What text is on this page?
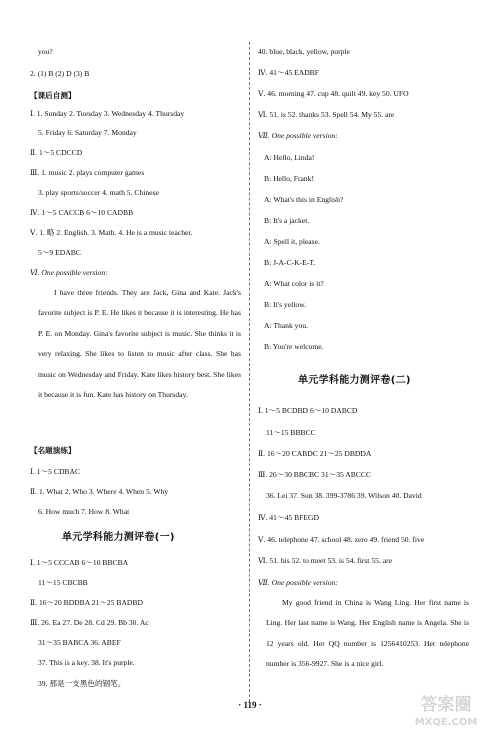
you?
2. (1) B (2) D (3) B
【课后自测】
Ⅰ. 1. Sunday 2. Tuesday 3. Wednesday 4. Thursday
5. Friday 6. Saturday 7. Monday
Ⅱ. 1～5 CDCCD
Ⅲ. 1. music 2. plays computer games
3. play sports/soccer 4. math 5. Chinese
Ⅳ. 1～5 CACCB 6～10 CADBB
Ⅴ. 1. 略 2. English. 3. Math. 4. He is a music teacher.
5～9 EDABC
Ⅵ. One possible version:
I have three friends. They are Jack, Gina and Kate. Jack's favorite subject is P. E. He likes it because it is interesting. He has P. E. on Monday. Gina's favorite subject is music. She thinks it is very relaxing. She likes to listen to music after class. She has music on Wednesday and Friday. Kate likes history best. She likes it because it is fun. Kate has history on Thursday.
【名题演练】
Ⅰ. 1～5 CDBAC
Ⅱ. 1. What 2. Who 3. Where 4. When 5. Why
6. How much 7. How 8. What
单元学科能力测评卷(一)
Ⅰ. 1～5 CCCAB 6～10 BBCBA
11～15 CBCBB
Ⅱ. 16～20 BDDBA 21～25 BADBD
Ⅲ. 26. Ea 27. De 28. Cd 29. Bb 30. Ac
31～35 BABCA 36. ABEF
37. This is a key. 38. It's purple.
39. 那是一支黑色的钢笔。
40. blue, black, yellow, purple
Ⅳ. 41～45 EADBF
Ⅴ. 46. morning 47. cup 48. quilt 49. key 50. UFO
Ⅵ. 51. is 52. thanks 53. Spell 54. My 55. are
Ⅶ. One possible version:
A: Hello, Linda!
B: Hello, Frank!
A: What's this in English?
B: It's a jacket.
A: Spell it, please.
B: J-A-C-K-E-T.
A: What color is it?
B: It's yellow.
A: Thank you.
B: You're welcome.
单元学科能力测评卷(二)
Ⅰ. 1～5 BCDBD 6～10 DABCD
11～15 BBBCC
Ⅱ. 16～20 CABDC 21～25 DBDDA
Ⅲ. 26～30 BBCBC 31～35 ABCCC
36. Lei 37. Sun 38. 399-3786 39. Wilson 40. David
Ⅳ. 41～45 BFEGD
Ⅴ. 46. telephone 47. school 48. zero 49. friend 50. five
Ⅵ. 51. his 52. to meet 53. is 54. first 55. are
Ⅶ. One possible version:
My good friend in China is Wang Ling. Her first name is Ling. Her last name is Wang. Her English name is Angela. She is 12 years old. Her QQ number is 1256410253. Her telephone number is 356-9927. She is a nice girl.
· 119 ·	答案圈
MXQE.COM
